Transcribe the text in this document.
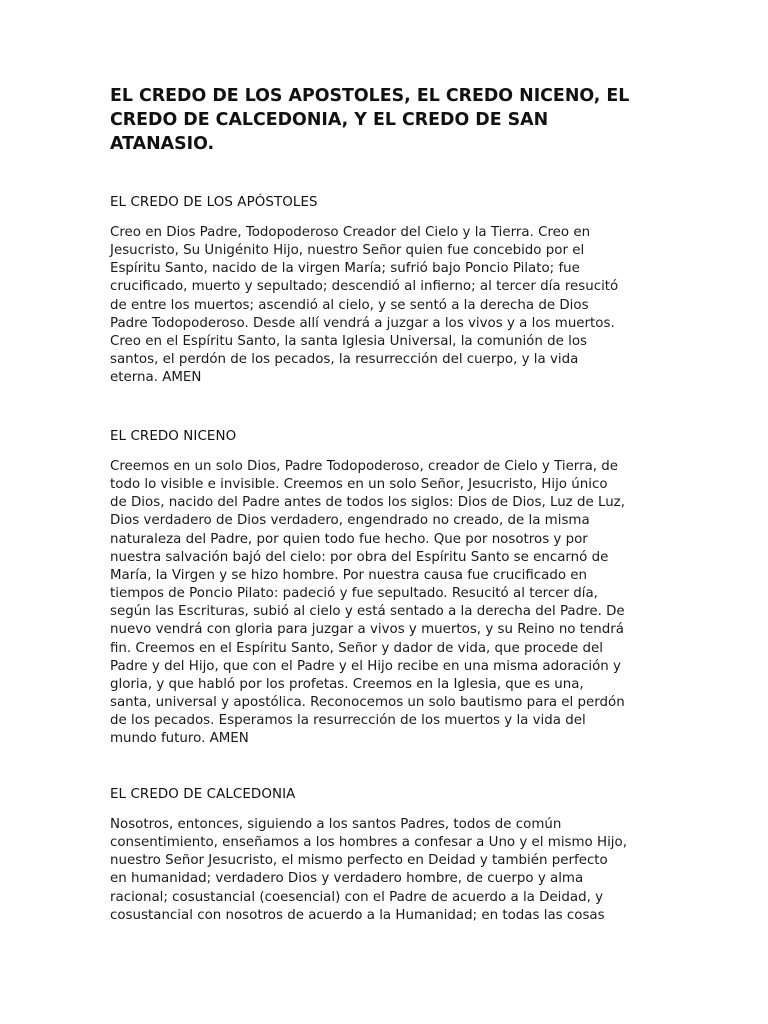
EL CREDO DE LOS APOSTOLES, EL CREDO NICENO, EL
CREDO DE CALCEDONIA, Y EL CREDO DE SAN
ATANASIO.
EL CREDO DE LOS APÓSTOLES
Creo en Dios Padre, Todopoderoso Creador del Cielo y la Tierra. Creo en
Jesucristo, Su Unigénito Hijo, nuestro Señor quien fue concebido por el
Espíritu Santo, nacido de la virgen María; sufrió bajo Poncio Pilato; fue
crucificado, muerto y sepultado; descendió al infierno; al tercer día resucitó
de entre los muertos; ascendió al cielo, y se sentó a la derecha de Dios
Padre Todopoderoso. Desde allí vendrá a juzgar a los vivos y a los muertos.
Creo en el Espíritu Santo, la santa Iglesia Universal, la comunión de los
santos, el perdón de los pecados, la resurrección del cuerpo, y la vida
eterna. AMEN
EL CREDO NICENO
Creemos en un solo Dios, Padre Todopoderoso, creador de Cielo y Tierra, de
todo lo visible e invisible. Creemos en un solo Señor, Jesucristo, Hijo único
de Dios, nacido del Padre antes de todos los siglos: Dios de Dios, Luz de Luz,
Dios verdadero de Dios verdadero, engendrado no creado, de la misma
naturaleza del Padre, por quien todo fue hecho. Que por nosotros y por
nuestra salvación bajó del cielo: por obra del Espíritu Santo se encarnó de
María, la Virgen y se hizo hombre. Por nuestra causa fue crucificado en
tiempos de Poncio Pilato: padeció y fue sepultado. Resucitó al tercer día,
según las Escrituras, subió al cielo y está sentado a la derecha del Padre. De
nuevo vendrá con gloria para juzgar a vivos y muertos, y su Reino no tendrá
fin. Creemos en el Espíritu Santo, Señor y dador de vida, que procede del
Padre y del Hijo, que con el Padre y el Hijo recibe en una misma adoración y
gloria, y que habló por los profetas. Creemos en la Iglesia, que es una,
santa, universal y apostólica. Reconocemos un solo bautismo para el perdón
de los pecados. Esperamos la resurrección de los muertos y la vida del
mundo futuro. AMEN
EL CREDO DE CALCEDONIA
Nosotros, entonces, siguiendo a los santos Padres, todos de común
consentimiento, enseñamos a los hombres a confesar a Uno y el mismo Hijo,
nuestro Señor Jesucristo, el mismo perfecto en Deidad y también perfecto
en humanidad; verdadero Dios y verdadero hombre, de cuerpo y alma
racional; cosustancial (coesencial) con el Padre de acuerdo a la Deidad, y
cosustancial con nosotros de acuerdo a la Humanidad; en todas las cosas
